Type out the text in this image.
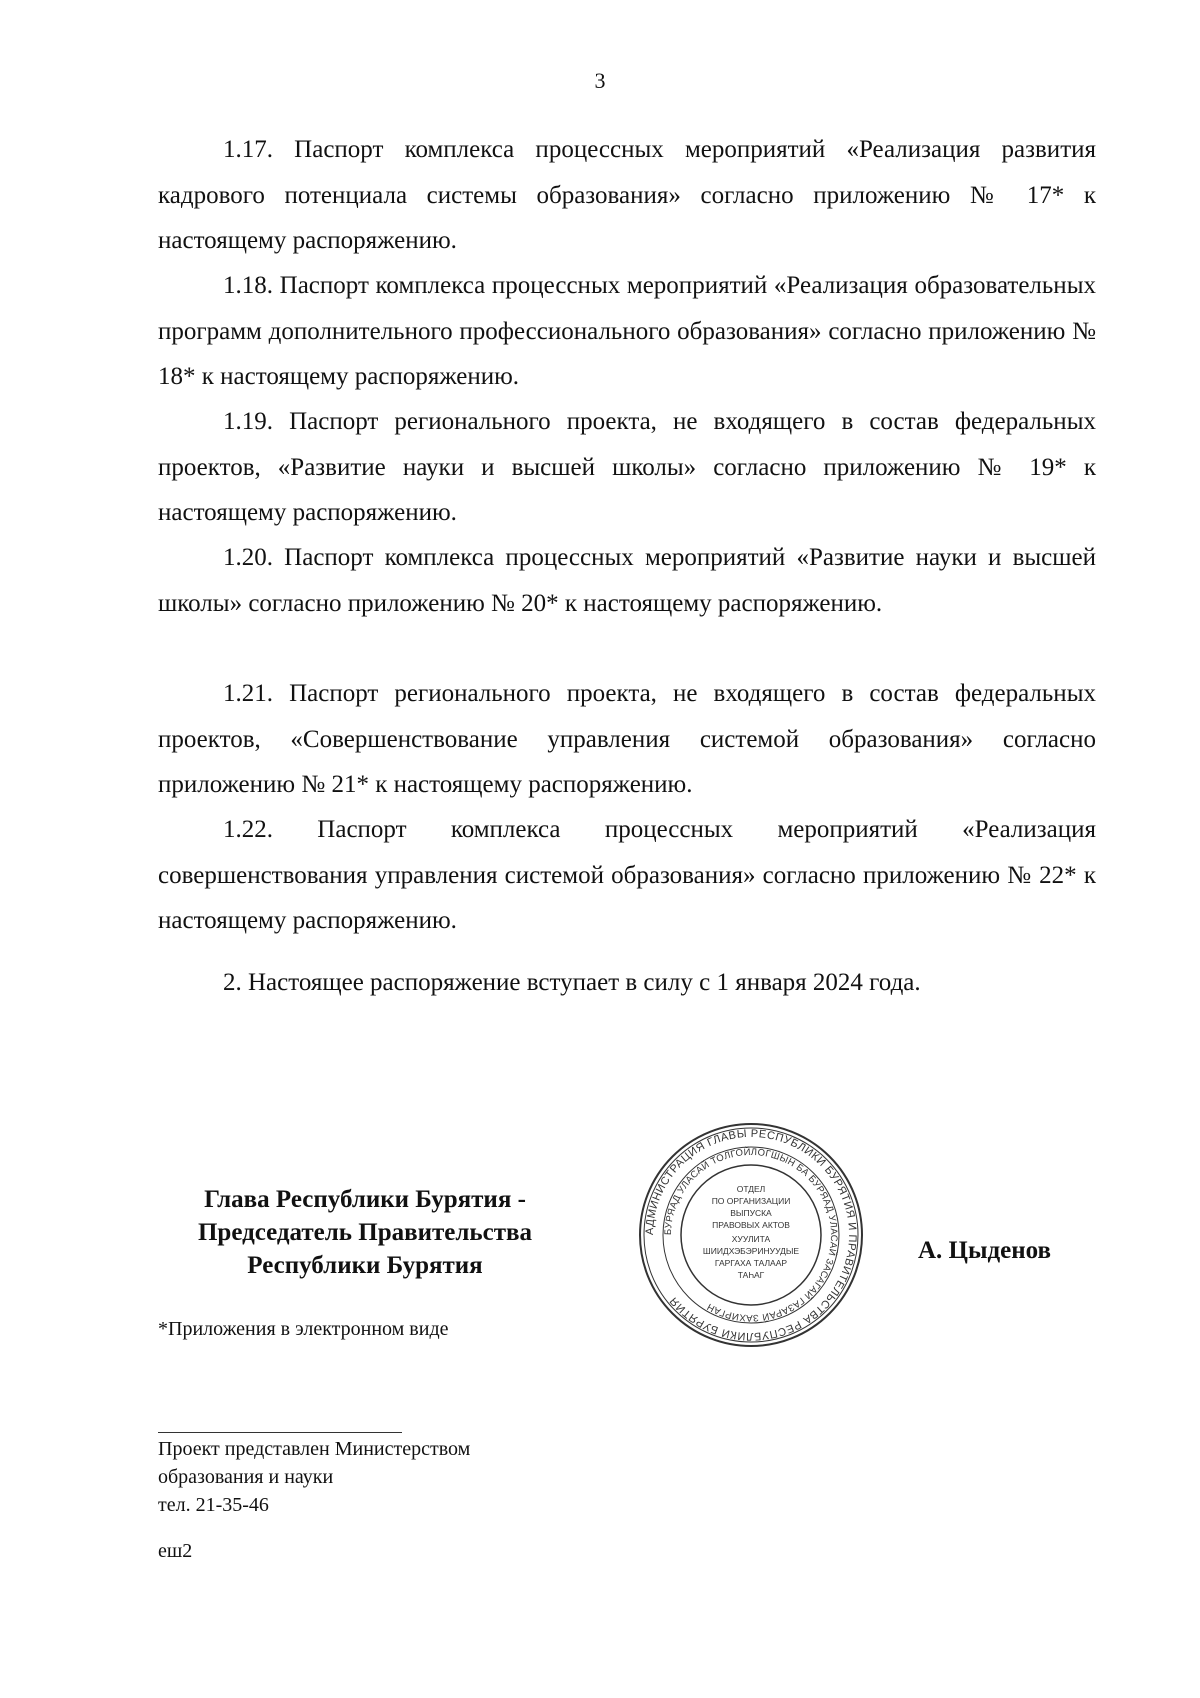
3
1.17. Паспорт комплекса процессных мероприятий «Реализация развития кадрового потенциала системы образования» согласно приложению № 17* к настоящему распоряжению.
1.18. Паспорт комплекса процессных мероприятий «Реализация образовательных программ дополнительного профессионального образования» согласно приложению № 18* к настоящему распоряжению.
1.19. Паспорт регионального проекта, не входящего в состав федеральных проектов, «Развитие науки и высшей школы» согласно приложению № 19* к настоящему распоряжению.
1.20. Паспорт комплекса процессных мероприятий «Развитие науки и высшей школы» согласно приложению № 20* к настоящему распоряжению.
1.21. Паспорт регионального проекта, не входящего в состав федеральных проектов, «Совершенствование управления системой образования» согласно приложению № 21* к настоящему распоряжению.
1.22. Паспорт комплекса процессных мероприятий «Реализация совершенствования управления системой образования» согласно приложению № 22* к настоящему распоряжению.
2. Настоящее распоряжение вступает в силу с 1 января 2024 года.
Глава Республики Бурятия -
Председатель Правительства
Республики Бурятия
АДМИНИСТРАЦИЯ ГЛАВЫ РЕСПУБЛИКИ БУРЯТИЯ И ПРАВИТЕЛЬСТВА РЕСПУБЛИКИ БУРЯТИЯ
БУРЯАД УЛАСАЙ ТОЛГОЙЛОГШЫН БА БУРЯАД УЛАСАЙ ЗАСАГАЙ ГАЗАРАЙ ЗАХИРГАН
ОТДЕЛ
ПО ОРГАНИЗАЦИИ
ВЫПУСКА
ПРАВОВЫХ АКТОВ
ХУУЛИТА
ШИИДХЭБЭРИНУУДЫЕ
ГАРГАХА ТАЛААР
ТАҺАГ
А. Цыденов
*Приложения в электронном виде
Проект представлен Министерством
образования и науки
тел. 21-35-46
еш2
